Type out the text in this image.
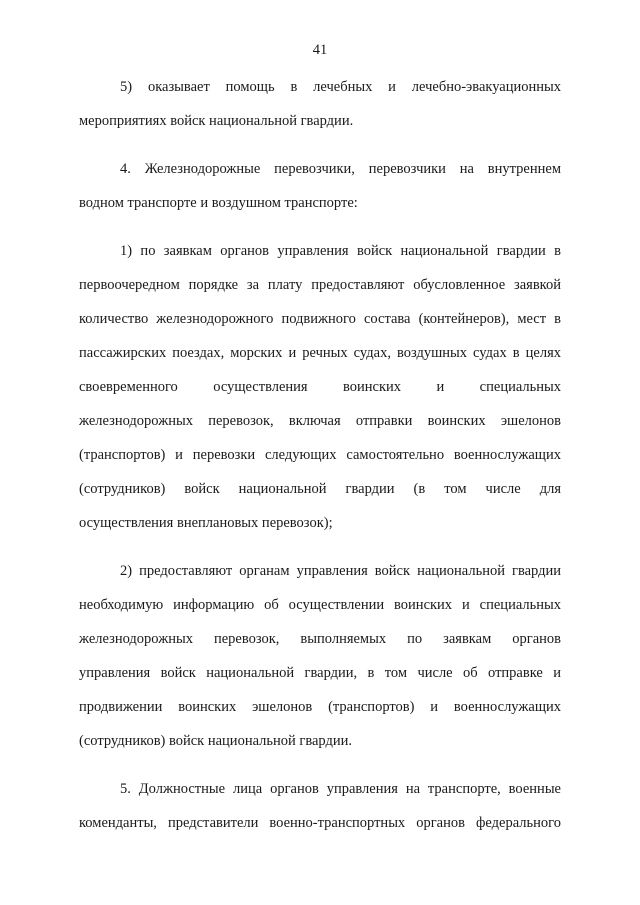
41
5) оказывает помощь в лечебных и лечебно-эвакуационных
мероприятиях войск национальной гвардии.
4. Железнодорожные перевозчики, перевозчики на внутреннем
водном транспорте и воздушном транспорте:
1) по заявкам органов управления войск национальной гвардии в
первоочередном порядке за плату предоставляют обусловленное заявкой
количество железнодорожного подвижного состава (контейнеров), мест в
пассажирских поездах, морских и речных судах, воздушных судах в целях
своевременного осуществления воинских и специальных
железнодорожных перевозок, включая отправки воинских эшелонов
(транспортов) и перевозки следующих самостоятельно военнослужащих
(сотрудников) войск национальной гвардии (в том числе для
осуществления внеплановых перевозок);
2) предоставляют органам управления войск национальной гвардии
необходимую информацию об осуществлении воинских и специальных
железнодорожных перевозок, выполняемых по заявкам органов
управления войск национальной гвардии, в том числе об отправке и
продвижении воинских эшелонов (транспортов) и военнослужащих
(сотрудников) войск национальной гвардии.
5. Должностные лица органов управления на транспорте, военные
коменданты, представители военно-транспортных органов федерального
